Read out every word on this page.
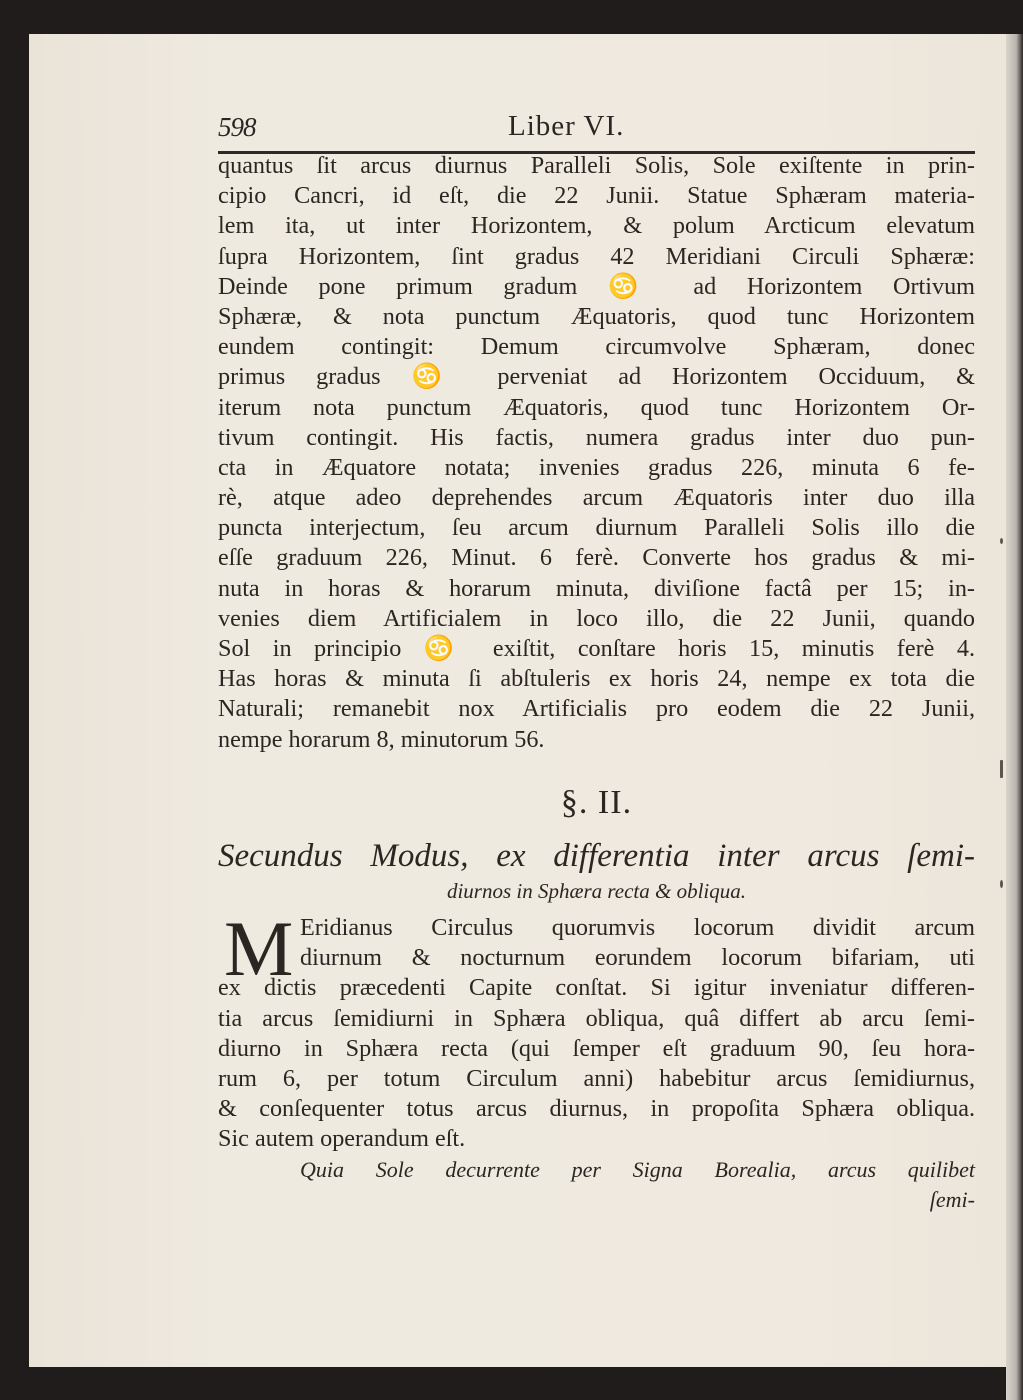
598	Liber VI.
quantus ſit arcus diurnus Paralleli Solis, Sole exiſtente in prin-
cipio Cancri, id eſt, die 22 Junii. Statue Sphæram materia-
lem ita, ut inter Horizontem, & polum Arcticum elevatum
ſupra Horizontem, ſint gradus 42 Meridiani Circuli Sphæræ:
Deinde pone primum gradum ♋ ad Horizontem Ortivum
Sphæræ, & nota punctum Æquatoris, quod tunc Horizontem
eundem contingit: Demum circumvolve Sphæram, donec
primus gradus ♋ perveniat ad Horizontem Occiduum, &
iterum nota punctum Æquatoris, quod tunc Horizontem Or-
tivum contingit. His factis, numera gradus inter duo pun-
cta in Æquatore notata; invenies gradus 226, minuta 6 fe-
rè, atque adeo deprehendes arcum Æquatoris inter duo illa
puncta interjectum, ſeu arcum diurnum Paralleli Solis illo die
eſſe graduum 226, Minut. 6 ferè. Converte hos gradus & mi-
nuta in horas & horarum minuta, diviſione factâ per 15; in-
venies diem Artificialem in loco illo, die 22 Junii, quando
Sol in principio ♋ exiſtit, conſtare horis 15, minutis ferè 4.
Has horas & minuta ſi abſtuleris ex horis 24, nempe ex tota die
Naturali; remanebit nox Artificialis pro eodem die 22 Junii,
nempe horarum 8, minutorum 56.
§. II.
Secundus Modus, ex differentia inter arcus ſemi-
diurnos in Sphæra recta & obliqua.
M Eridianus Circulus quorumvis locorum dividit arcum
diurnum & nocturnum eorundem locorum bifariam, uti
ex dictis præcedenti Capite conſtat. Si igitur inveniatur differen-
tia arcus ſemidiurni in Sphæra obliqua, quâ differt ab arcu ſemi-
diurno in Sphæra recta (qui ſemper eſt graduum 90, ſeu hora-
rum 6, per totum Circulum anni) habebitur arcus ſemidiurnus,
& conſequenter totus arcus diurnus, in propoſita Sphæra obliqua.
Sic autem operandum eſt.
Quia Sole decurrente per Signa Borealia, arcus quilibet
ſemi-
